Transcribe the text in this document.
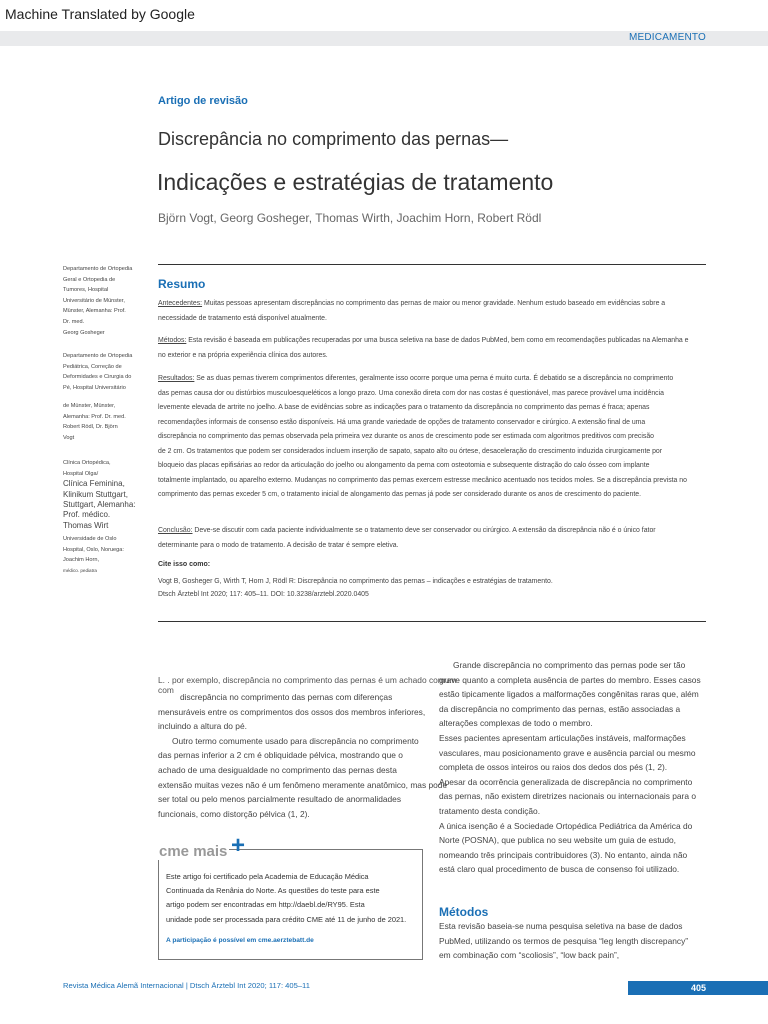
Machine Translated by Google
MEDICAMENTO
Artigo de revisão
Discrepância no comprimento das pernas—
Indicações e estratégias de tratamento
Björn Vogt, Georg Gosheger, Thomas Wirth, Joachim Horn, Robert Rödl
Departamento de Ortopedia
Geral e Ortopedia de
Tumores, Hospital
Universitário de Münster,
Münster, Alemanha: Prof.
Dr. med.
Georg Gosheger
Departamento de Ortopedia
Pediátrica, Correção de
Deformidades e Cirurgia do
Pé, Hospital Universitário
de Münster, Münster,
Alemanha: Prof. Dr. med.
Robert Rödl, Dr. Björn
Vogt
Clínica Ortopédica,
Hospital Olga/
Clínica Feminina,
Klinikum Stuttgart,
Stuttgart, Alemanha:
Prof. médico.
Thomas Wirt
Universidade de Oslo
Hospital, Oslo, Noruega:
Joachim Horn,
médico. pediatra
Resumo
Antecedentes: Muitas pessoas apresentam discrepâncias no comprimento das pernas de maior ou menor gravidade. Nenhum estudo baseado em evidências sobre a
necessidade de tratamento está disponível atualmente.
Métodos: Esta revisão é baseada em publicações recuperadas por uma busca seletiva na base de dados PubMed, bem como em recomendações publicadas na Alemanha e
no exterior e na própria experiência clínica dos autores.
Resultados: Se as duas pernas tiverem comprimentos diferentes, geralmente isso ocorre porque uma perna é muito curta. É debatido se a discrepância no comprimento
das pernas causa dor ou distúrbios musculoesqueléticos a longo prazo. Uma conexão direta com dor nas costas é questionável, mas parece provável uma incidência
levemente elevada de artrite no joelho. A base de evidências sobre as indicações para o tratamento da discrepância no comprimento das pernas é fraca; apenas
recomendações informais de consenso estão disponíveis. Há uma grande variedade de opções de tratamento conservador e cirúrgico. A extensão final de uma
discrepância no comprimento das pernas observada pela primeira vez durante os anos de crescimento pode ser estimada com algoritmos preditivos com precisão
de 2 cm. Os tratamentos que podem ser considerados incluem inserção de sapato, sapato alto ou órtese, desaceleração do crescimento induzida cirurgicamente por
bloqueio das placas epifisárias ao redor da articulação do joelho ou alongamento da perna com osteotomia e subsequente distração do calo ósseo com implante
totalmente implantado, ou aparelho externo. Mudanças no comprimento das pernas exercem estresse mecânico acentuado nos tecidos moles. Se a discrepância prevista no
comprimento das pernas exceder 5 cm, o tratamento inicial de alongamento das pernas já pode ser considerado durante os anos de crescimento do paciente.
Conclusão: Deve-se discutir com cada paciente individualmente se o tratamento deve ser conservador ou cirúrgico. A extensão da discrepância não é o único fator
determinante para o modo de tratamento. A decisão de tratar é sempre eletiva.
Cite isso como:
Vogt B, Gosheger G, Wirth T, Horn J, Rödl R: Discrepância no comprimento das pernas – indicações e estratégias de tratamento.
Dtsch Ärztebl Int 2020; 117: 405–11. DOI: 10.3238/arztebl.2020.0405
L. . por exemplo, discrepância no comprimento das pernas é um achado comum com
discrepância no comprimento das pernas com diferenças
mensuráveis entre os comprimentos dos ossos dos membros inferiores,
incluindo a altura do pé.
Outro termo comumente usado para discrepância no comprimento
das pernas inferior a 2 cm é obliquidade pélvica, mostrando que o
achado de uma desigualdade no comprimento das pernas desta
extensão muitas vezes não é um fenômeno meramente anatômico, mas pode
ser total ou pelo menos parcialmente resultado de anormalidades
funcionais, como distorção pélvica (1, 2).
Grande discrepância no comprimento das pernas pode ser tão
grave quanto a completa ausência de partes do membro. Esses casos
estão tipicamente ligados a malformações congênitas raras que, além
da discrepância no comprimento das pernas, estão associadas a
alterações complexas de todo o membro.
Esses pacientes apresentam articulações instáveis, malformações
vasculares, mau posicionamento grave e ausência parcial ou mesmo
completa de ossos inteiros ou raios dos dedos dos pés (1, 2).
Apesar da ocorrência generalizada de discrepância no comprimento
das pernas, não existem diretrizes nacionais ou internacionais para o
tratamento desta condição.
A única isenção é a Sociedade Ortopédica Pediátrica da América do
Norte (POSNA), que publica no seu website um guia de estudo,
nomeando três principais contribuidores (3). No entanto, ainda não
está claro qual procedimento de busca de consenso foi utilizado.
Métodos
Esta revisão baseia-se numa pesquisa seletiva na base de dados
PubMed, utilizando os termos de pesquisa “leg length discrepancy”
em combinação com “scoliosis”, “low back pain”,
cme mais +
Este artigo foi certificado pela Academia de Educação Médica
Continuada da Renânia do Norte. As questões do teste para este
artigo podem ser encontradas em http://daebl.de/RY95. Esta
unidade pode ser processada para crédito CME até 11 de junho de 2021.
A participação é possível em cme.aerztebatt.de
Revista Médica Alemã Internacional | Dtsch Ärztebl Int 2020; 117: 405–11	405
